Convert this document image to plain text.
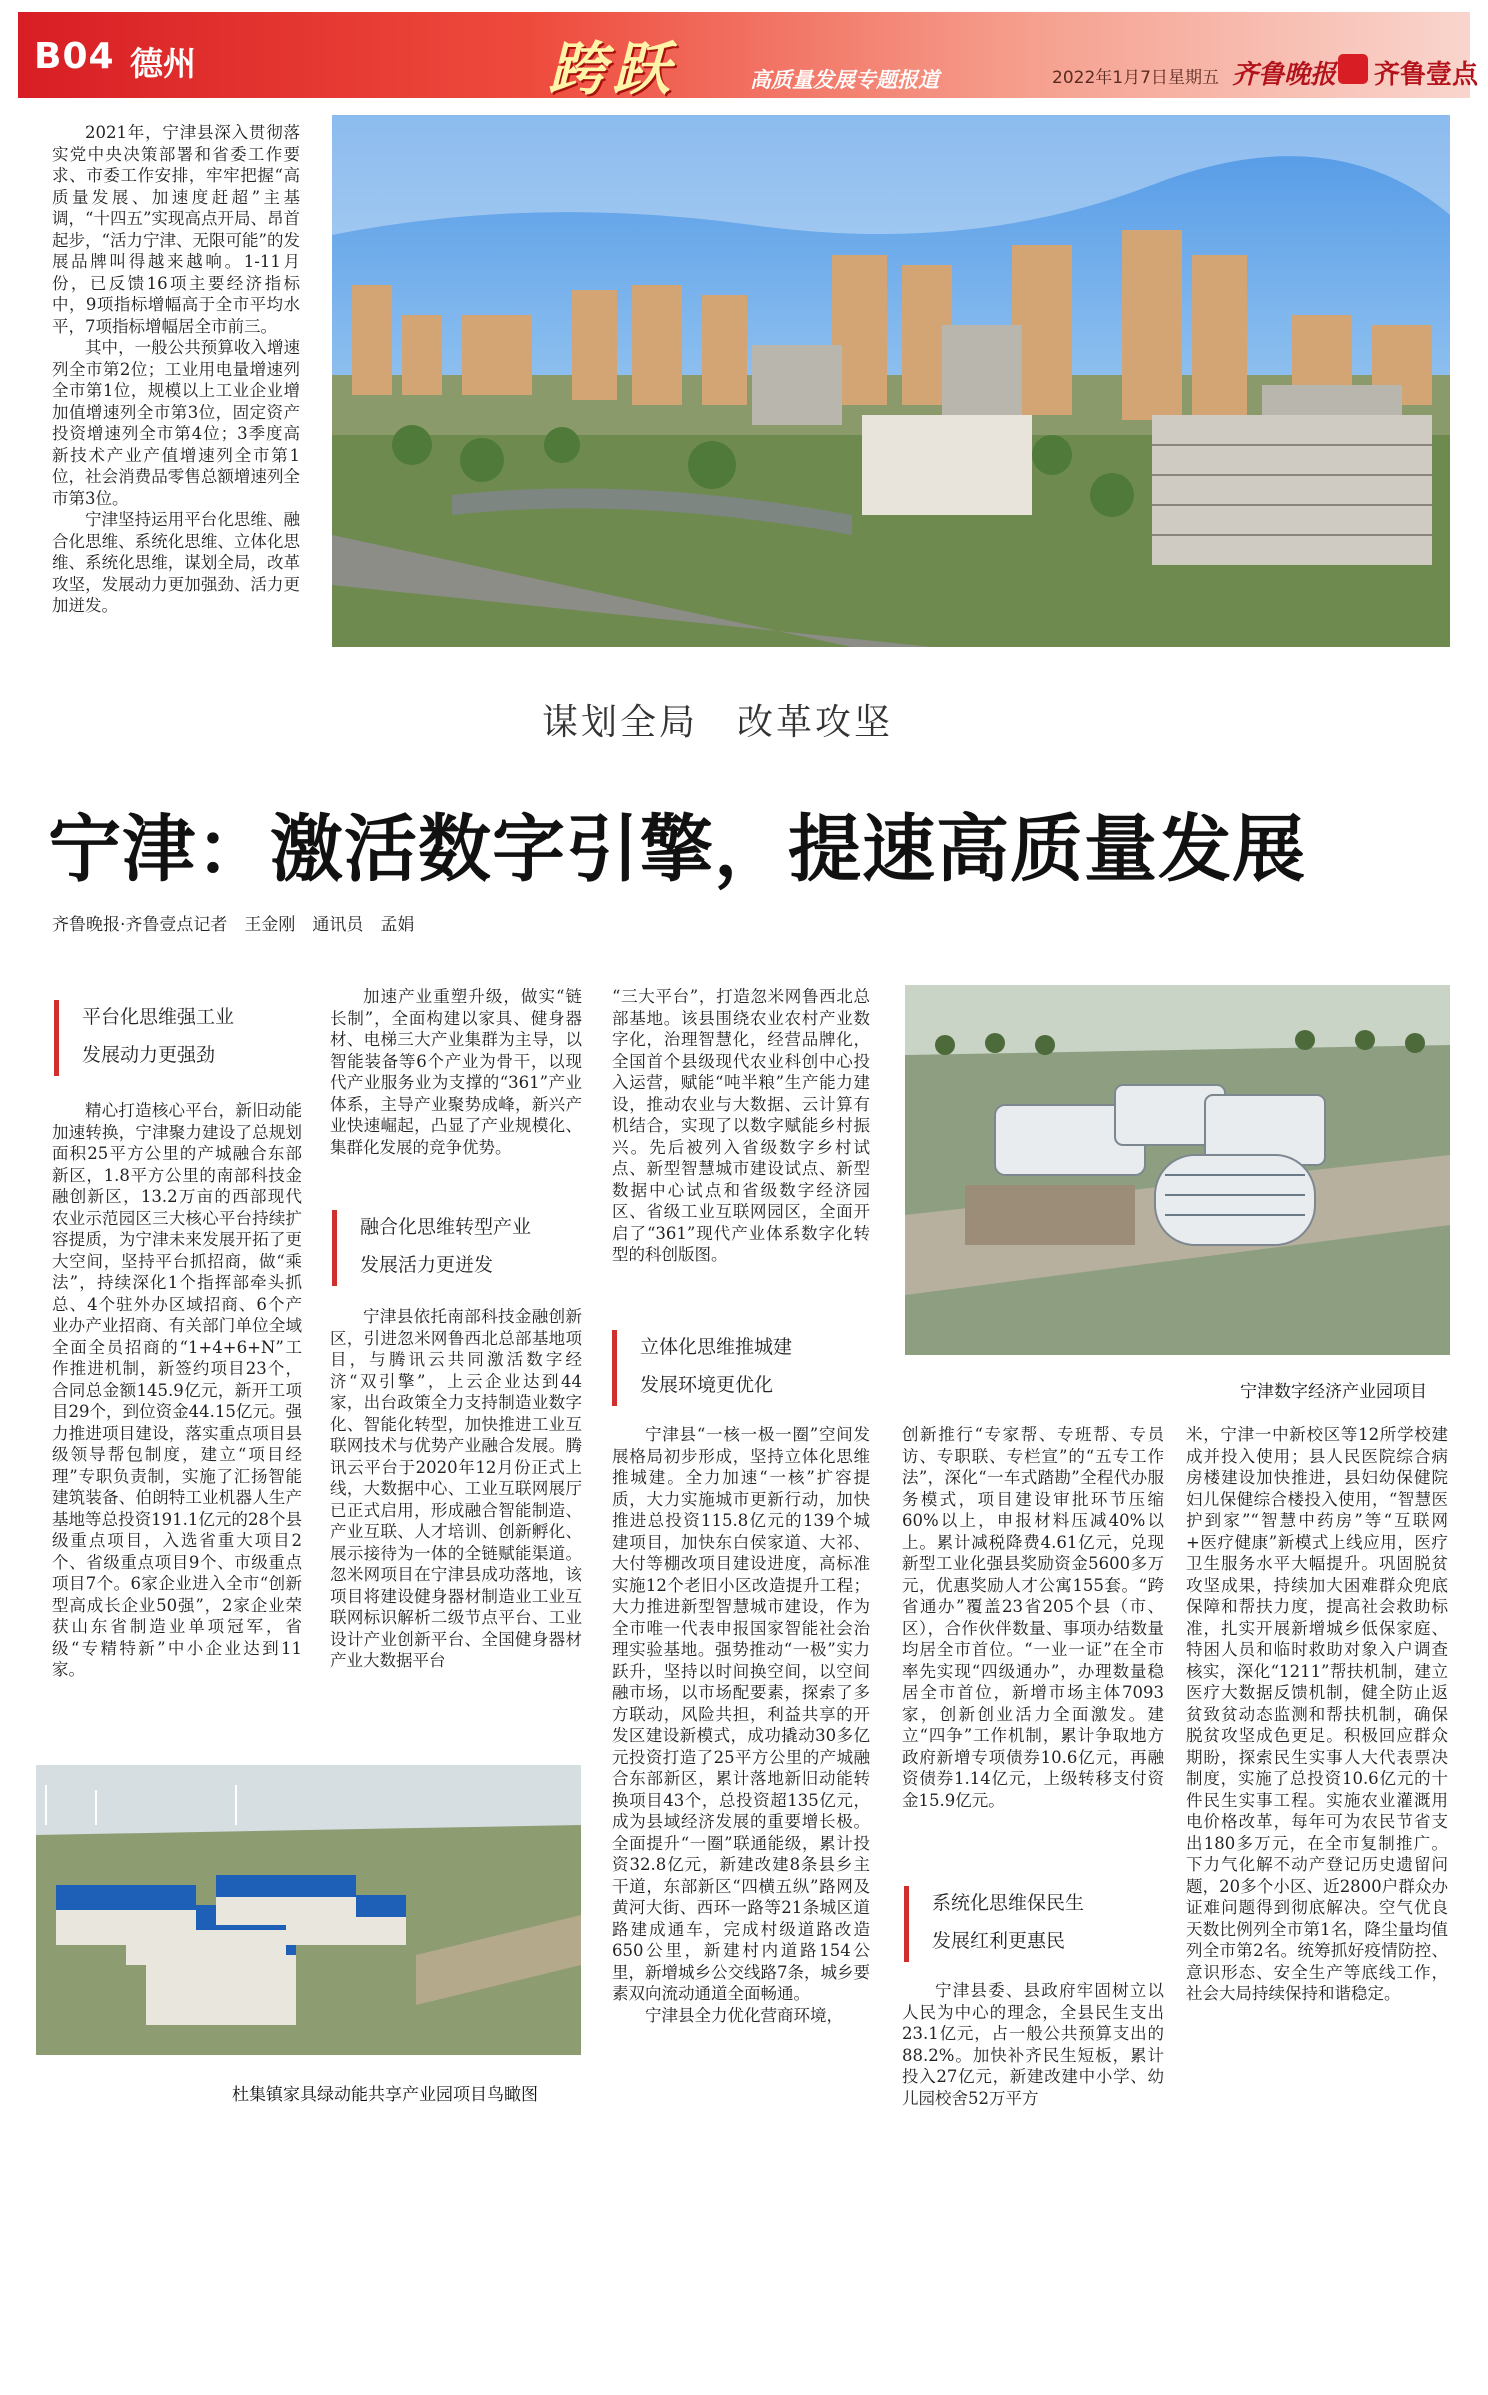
B04 德州	跨跃	高质量发展专题报道	2022年1月7日 星期五 齐鲁晚报 齐鲁壹点

2021年，宁津县深入贯彻落实党中央决策部署和省委工作要求、市委工作安排，牢牢把握“高质量发展、加速度赶超”主基调，“十四五”实现高点开局、昂首起步，“活力宁津、无限可能”的发展品牌叫得越来越响。1-11月份，已反馈16项主要经济指标中，9项指标增幅高于全市平均水平，7项指标增幅居全市前三。

其中，一般公共预算收入增速列全市第2位；工业用电量增速列全市第1位，规模以上工业企业增加值增速列全市第3位，固定资产投资增速列全市第4位；3季度高新技术产业产值增速列全市第1位，社会消费品零售总额增速列全市第3位。

宁津坚持运用平台化思维、融合化思维、系统化思维、立体化思维、系统化思维，谋划全局，改革攻坚，发展动力更加强劲、活力更加迸发。

谋划全局　改革攻坚
宁津：激活数字引擎，提速高质量发展
齐鲁晚报·齐鲁壹点记者　王金刚　通讯员　孟娟
平台化思维强工业
发展动力更强劲
融合化思维转型产业
发展活力更迸发
立体化思维推城建
发展环境更优化
系统化思维保民生
发展红利更惠民

精心打造核心平台，新旧动能加速转换，宁津聚力建设了总规划面积25平方公里的产城融合东部新区，1.8平方公里的南部科技金融创新区，13.2万亩的西部现代农业示范园区三大核心平台持续扩容提质，为宁津未来发展开拓了更大空间，坚持平台抓招商，做“乘法”，持续深化1个指挥部牵头抓总、4个驻外办区域招商、6个产业办产业招商、有关部门单位全域全面全员招商的“1+4+6+N”工作推进机制，新签约项目23个，合同总金额145.9亿元，新开工项目29个，到位资金44.15亿元。强力推进项目建设，落实重点项目县级领导帮包制度，建立“项目经理”专职负责制，实施了汇扬智能建筑装备、伯朗特工业机器人生产基地等总投资191.1亿元的28个县级重点项目，入选省重大项目2个、省级重点项目9个、市级重点项目7个。6家企业进入全市“创新型高成长企业50强”，2家企业荣获山东省制造业单项冠军，省级“专精特新”中小企业达到11家。

加速产业重塑升级，做实“链长制”，全面构建以家具、健身器材、电梯三大产业集群为主导，以智能装备等6个产业为骨干，以现代产业服务业为支撑的“361”产业体系，主导产业聚势成峰，新兴产业快速崛起，凸显了产业规模化、集群化发展的竞争优势。

宁津县依托南部科技金融创新区，引进忽米网鲁西北总部基地项目，与腾讯云共同激活数字经济“双引擎”，上云企业达到44家，出台政策全力支持制造业数字化、智能化转型，加快推进工业互联网技术与优势产业融合发展。腾讯云平台于2020年12月份正式上线，大数据中心、工业互联网展厅已正式启用，形成融合智能制造、产业互联、人才培训、创新孵化、展示接待为一体的全链赋能渠道。忽米网项目在宁津县成功落地，该项目将建设健身器材制造业工业互联网标识解析二级节点平台、工业设计产业创新平台、全国健身器材产业大数据平台

“三大平台”，打造忽米网鲁西北总部基地。该县围绕农业农村产业数字化，治理智慧化，经营品牌化，全国首个县级现代农业科创中心投入运营，赋能“吨半粮”生产能力建设，推动农业与大数据、云计算有机结合，实现了以数字赋能乡村振兴。先后被列入省级数字乡村试点、新型智慧城市建设试点、新型数据中心试点和省级数字经济园区、省级工业互联网园区，全面开启了“361”现代产业体系数字化转型的科创版图。

宁津县“一核一极一圈”空间发展格局初步形成，坚持立体化思维推城建。全力加速“一核”扩容提质，大力实施城市更新行动，加快推进总投资115.8亿元的139个城建项目，加快东白侯家道、大祁、大付等棚改项目建设进度，高标准实施12个老旧小区改造提升工程；大力推进新型智慧城市建设，作为全市唯一代表申报国家智能社会治理实验基地。强势推动“一极”实力跃升，坚持以时间换空间，以空间融市场，以市场配要素，探索了多方联动，风险共担，利益共享的开发区建设新模式，成功撬动30多亿元投资打造了25平方公里的产城融合东部新区，累计落地新旧动能转换项目43个，总投资超135亿元，成为县域经济发展的重要增长极。全面提升“一圈”联通能级，累计投资32.8亿元，新建改建8条县乡主干道，东部新区“四横五纵”路网及黄河大街、西环一路等21条城区道路建成通车，完成村级道路改造650公里，新建村内道路154公里，新增城乡公交线路7条，城乡要素双向流动通道全面畅通。

宁津县全力优化营商环境，

创新推行“专家帮、专班帮、专员访、专职联、专栏宣”的“五专工作法”，深化“一车式踏勘”全程代办服务模式，项目建设审批环节压缩60%以上，申报材料压减40%以上。累计减税降费4.61亿元，兑现新型工业化强县奖励资金5600多万元，优惠奖励人才公寓155套。“跨省通办”覆盖23省205个县（市、区），合作伙伴数量、事项办结数量均居全市首位。“一业一证”在全市率先实现“四级通办”，办理数量稳居全市首位，新增市场主体7093家，创新创业活力全面激发。建立“四争”工作机制，累计争取地方政府新增专项债券10.6亿元，再融资债券1.14亿元，上级转移支付资金15.9亿元。

宁津县委、县政府牢固树立以人民为中心的理念，全县民生支出23.1亿元，占一般公共预算支出的88.2%。加快补齐民生短板，累计投入27亿元，新建改建中小学、幼儿园校舍52万平方

米，宁津一中新校区等12所学校建成并投入使用；县人民医院综合病房楼建设加快推进，县妇幼保健院妇儿保健综合楼投入使用，“智慧医护到家”“智慧中药房”等“互联网+医疗健康”新模式上线应用，医疗卫生服务水平大幅提升。巩固脱贫攻坚成果，持续加大困难群众兜底保障和帮扶力度，提高社会救助标准，扎实开展新增城乡低保家庭、特困人员和临时救助对象入户调查核实，深化“1211”帮扶机制，建立医疗大数据反馈机制，健全防止返贫致贫动态监测和帮扶机制，确保脱贫攻坚成色更足。积极回应群众期盼，探索民生实事人大代表票决制度，实施了总投资10.6亿元的十件民生实事工程。实施农业灌溉用电价格改革，每年可为农民节省支出180多万元，在全市复制推广。下力气化解不动产登记历史遗留问题，20多个小区、近2800户群众办证难问题得到彻底解决。空气优良天数比例列全市第1名，降尘量均值列全市第2名。统筹抓好疫情防控、意识形态、安全生产等底线工作，社会大局持续保持和谐稳定。

宁津数字经济产业园项目
杜集镇家具绿动能共享产业园项目鸟瞰图
